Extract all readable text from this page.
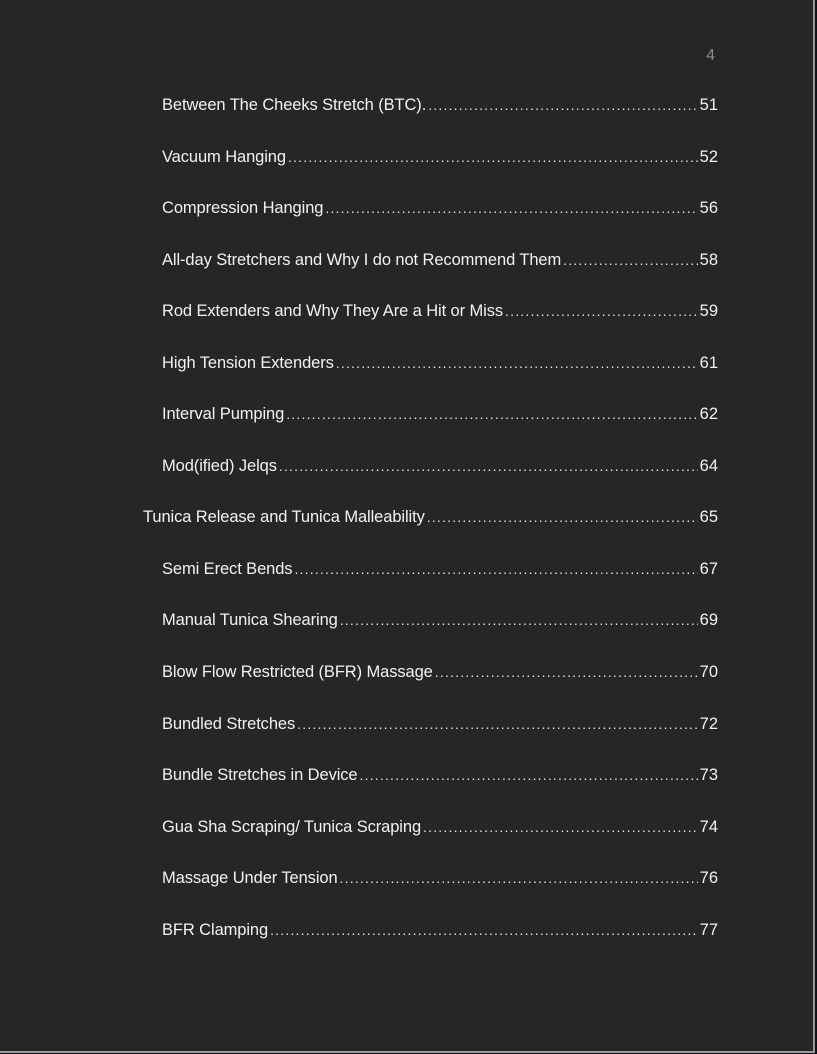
4
Between The Cheeks Stretch (BTC). .....	51
Vacuum Hanging .....	52
Compression Hanging .....	56
All-day Stretchers and Why I do not Recommend Them .....	58
Rod Extenders and Why They Are a Hit or Miss .....	59
High Tension Extenders .....	61
Interval Pumping .....	62
Mod(ified) Jelqs .....	64
Tunica Release and Tunica Malleability .....	65
Semi Erect Bends .....	67
Manual Tunica Shearing .....	69
Blow Flow Restricted (BFR) Massage .....	70
Bundled Stretches .....	72
Bundle Stretches in Device .....	73
Gua Sha Scraping/ Tunica Scraping .....	74
Massage Under Tension .....	76
BFR Clamping .....	77
